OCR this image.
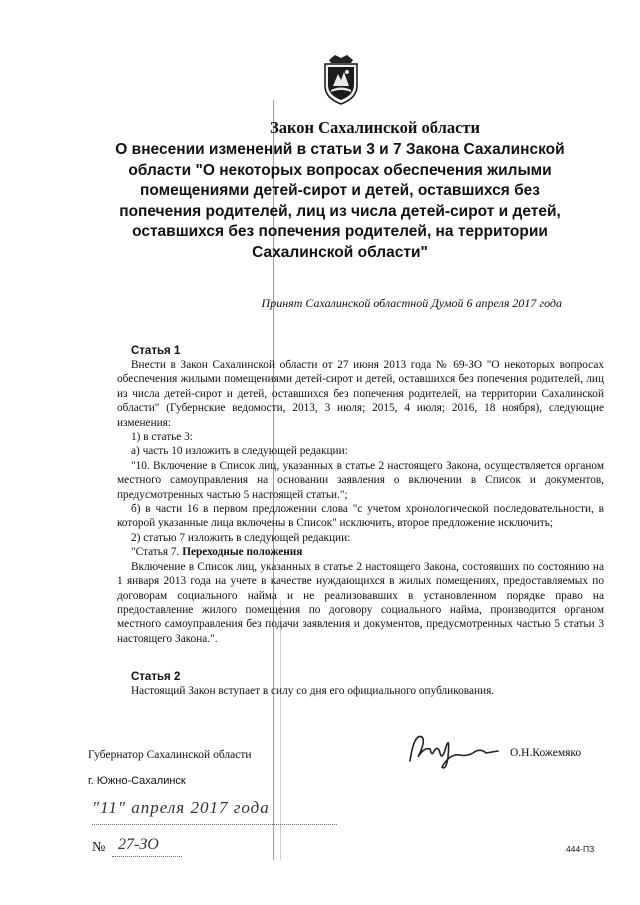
Закон Сахалинской области
О внесении изменений в статьи 3 и 7 Закона Сахалинской области "О некоторых вопросах обеспечения жилыми помещениями детей-сирот и детей, оставшихся без попечения родителей, лиц из числа детей-сирот и детей, оставшихся без попечения родителей, на территории Сахалинской области"
Принят Сахалинской областной Думой 6 апреля 2017 года
Статья 1

Внести в Закон Сахалинской области от 27 июня 2013 года № 69-ЗО "О некоторых вопросах обеспечения жилыми помещениями детей-сирот и детей, оставшихся без попечения родителей, лиц из числа детей-сирот и детей, оставшихся без попечения родителей, на территории Сахалинской области" (Губернские ведомости, 2013, 3 июля; 2015, 4 июля; 2016, 18 ноября), следующие изменения:

1) в статье 3:

а) часть 10 изложить в следующей редакции:

"10. Включение в Список лиц, указанных в статье 2 настоящего Закона, осуществляется органом местного самоуправления на основании заявления о включении в Список и документов, предусмотренных частью 5 настоящей статьи.";

б) в части 16 в первом предложении слова "с учетом хронологической последовательности, в которой указанные лица включены в Список" исключить, второе предложение исключить;

2) статью 7 изложить в следующей редакции:

"Статья 7. Переходные положения

Включение в Список лиц, указанных в статье 2 настоящего Закона, состоявших по состоянию на 1 января 2013 года на учете в качестве нуждающихся в жилых помещениях, предоставляемых по договорам социального найма и не реализовавших в установленном порядке право на предоставление жилого помещения по договору социального найма, производится органом местного самоуправления без подачи заявления и документов, предусмотренных частью 5 статьи 3 настоящего Закона.".

Статья 2

Настоящий Закон вступает в силу со дня его официального опубликования.

Губернатор Сахалинской области	О.Н.Кожемяко
г. Южно-Сахалинск
"11" апреля 2017 года
№ 27-ЗО	444-ПЗ
